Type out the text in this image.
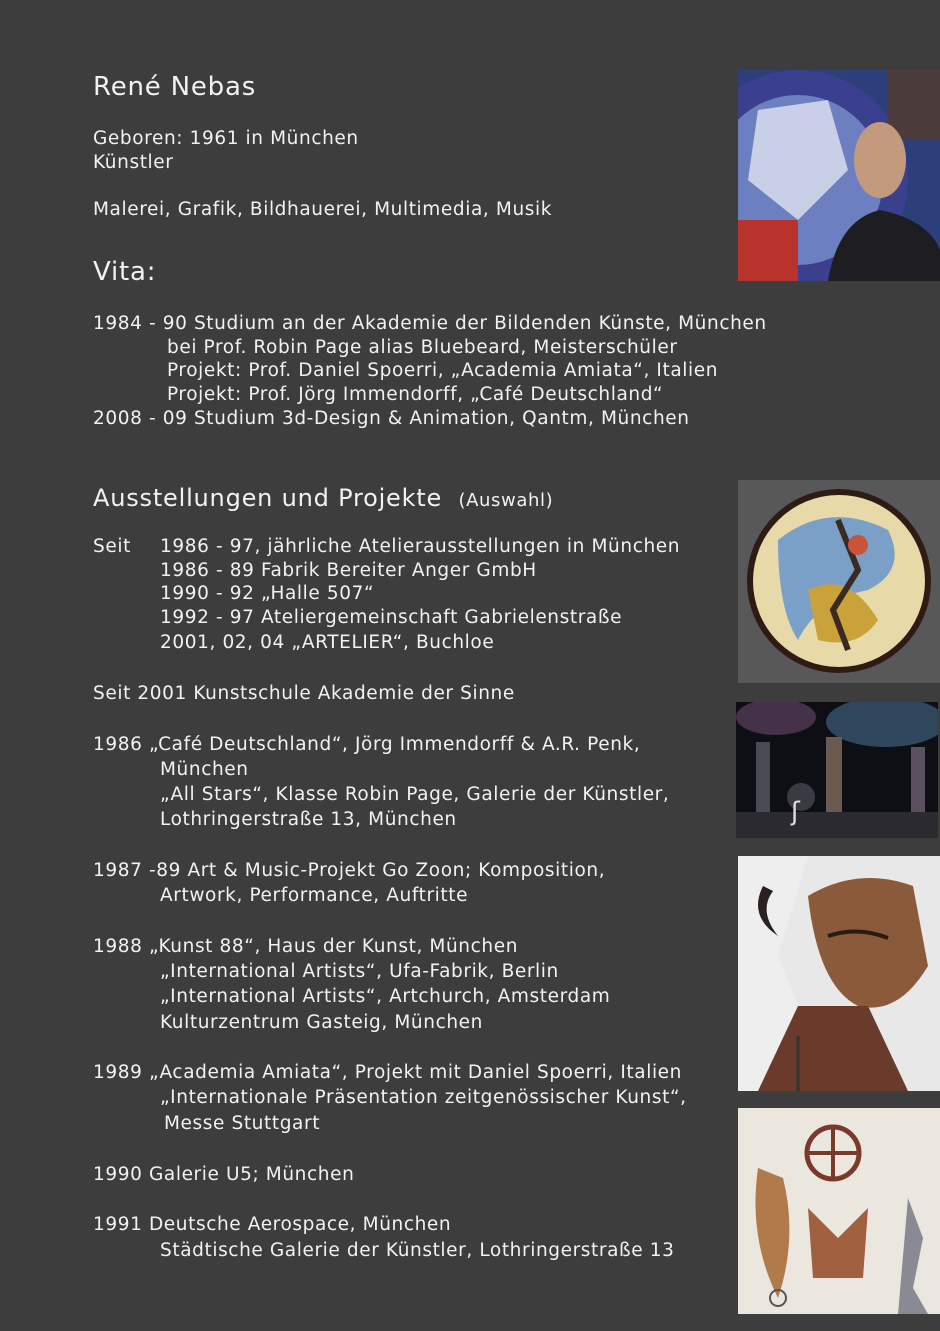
René Nebas
Geboren: 1961 in München
Künstler
Malerei, Grafik, Bildhauerei, Multimedia, Musik
Vita:
1984 - 90 Studium an der Akademie der Bildenden Künste, München
bei Prof. Robin Page alias Bluebeard, Meisterschüler
Projekt: Prof. Daniel Spoerri, „Academia Amiata“, Italien
Projekt: Prof. Jörg Immendorff, „Café Deutschland“
2008 - 09 Studium 3d-Design & Animation, Qantm, München
Ausstellungen und Projekte (Auswahl)
Seit 1986 - 97, jährliche Atelierausstellungen in München
1986 - 89 Fabrik Bereiter Anger GmbH
1990 - 92 „Halle 507“
1992 - 97 Ateliergemeinschaft Gabrielenstraße
2001, 02, 04 „ARTELIER“, Buchloe
Seit 2001 Kunstschule Akademie der Sinne
1986 „Café Deutschland“, Jörg Immendorff & A.R. Penk,
München
„All Stars“, Klasse Robin Page, Galerie der Künstler,
Lothringerstraße 13, München
1987 -89 Art & Music-Projekt Go Zoon; Komposition,
Artwork, Performance, Auftritte
1988 „Kunst 88“, Haus der Kunst, München
„International Artists“, Ufa-Fabrik, Berlin
„International Artists“, Artchurch, Amsterdam
Kulturzentrum Gasteig, München
1989 „Academia Amiata“, Projekt mit Daniel Spoerri, Italien
„Internationale Präsentation zeitgenössischer Kunst“,
Messe Stuttgart
1990 Galerie U5; München
1991 Deutsche Aerospace, München
Städtische Galerie der Künstler, Lothringerstraße 13
ʃ
